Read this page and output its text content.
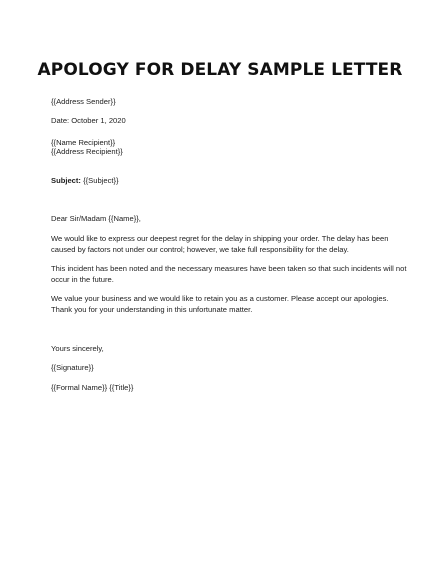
APOLOGY FOR DELAY SAMPLE LETTER
{{Address Sender}}
Date: October 1, 2020
{{Name Recipient}}
{{Address Recipient}}
Subject: {{Subject}}
Dear Sir/Madam {{Name}},
We would like to express our deepest regret for the delay in shipping your order. The delay has been
caused by factors not under our control; however, we take full responsibility for the delay.
This incident has been noted and the necessary measures have been taken so that such incidents will not
occur in the future.
We value your business and we would like to retain you as a customer. Please accept our apologies.
Thank you for your understanding in this unfortunate matter.
Yours sincerely,
{{Signature}}
{{Formal Name}} {{Title}}
